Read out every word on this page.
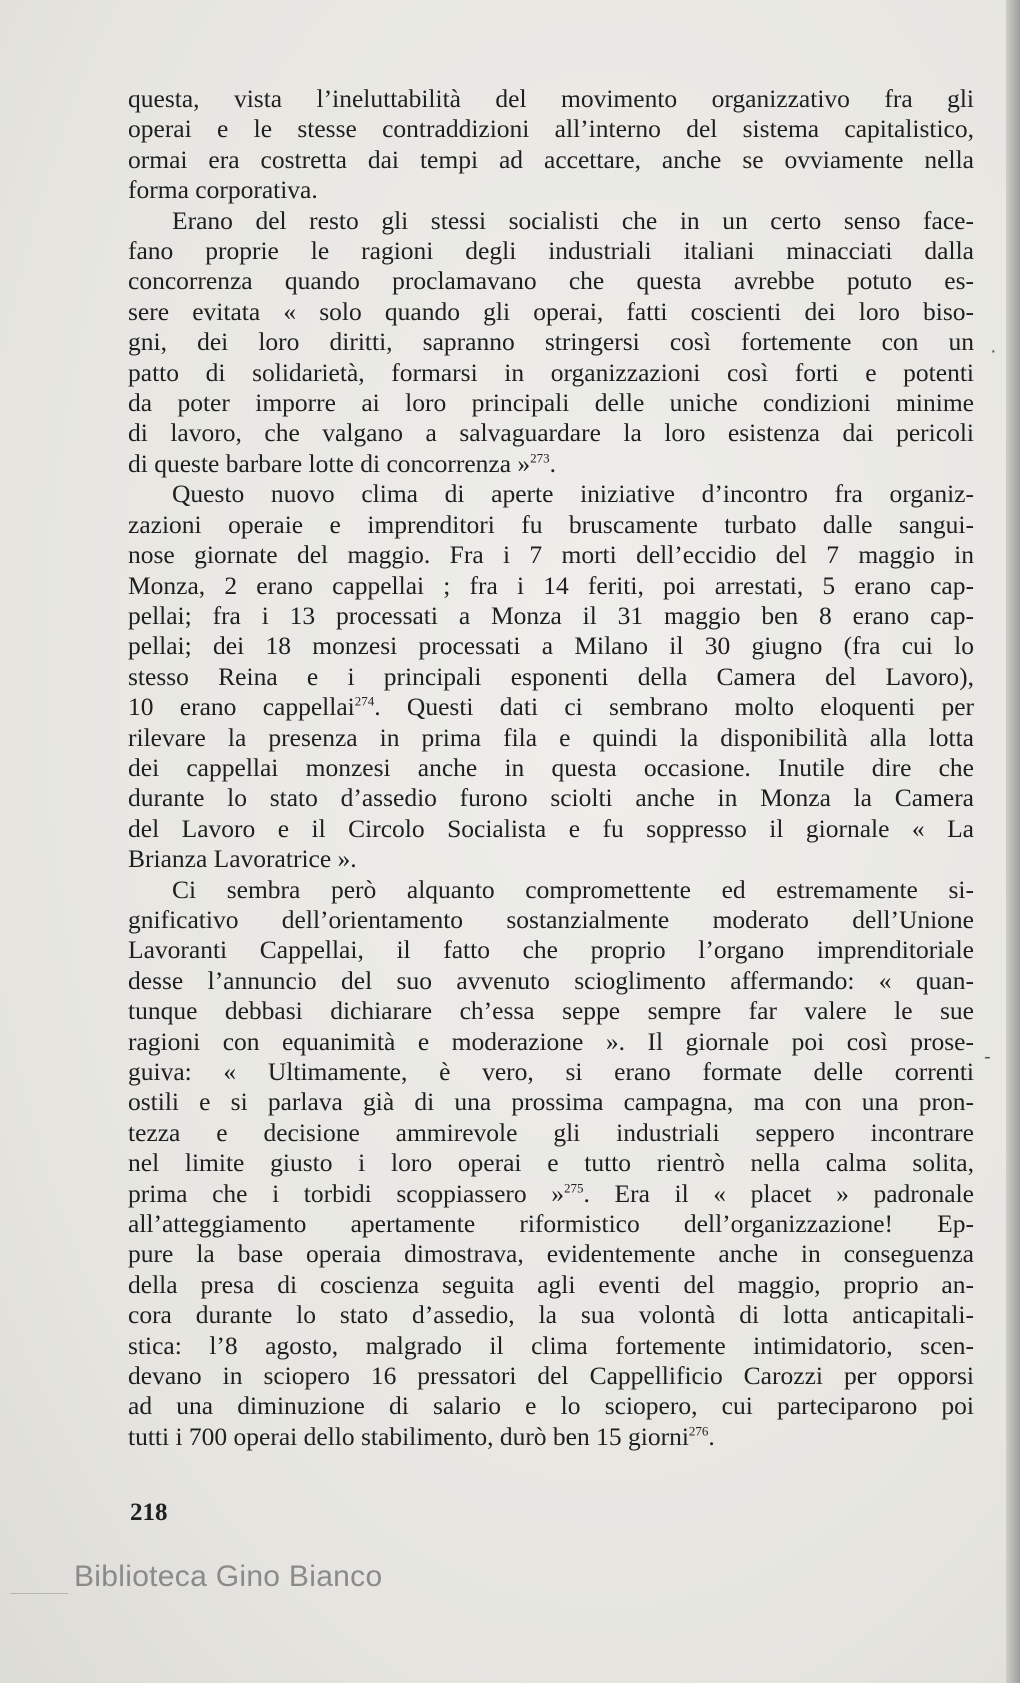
questa, vista l’ineluttabilità del movimento organizzativo fra gli

operai e le stesse contraddizioni all’interno del sistema capitalistico,

ormai era costretta dai tempi ad accettare, anche se ovviamente nella

forma corporativa.

Erano del resto gli stessi socialisti che in un certo senso face-

fano proprie le ragioni degli industriali italiani minacciati dalla

concorrenza quando proclamavano che questa avrebbe potuto es-

sere evitata « solo quando gli operai, fatti coscienti dei loro biso-

gni, dei loro diritti, sapranno stringersi così fortemente con un

patto di solidarietà, formarsi in organizzazioni così forti e potenti

da poter imporre ai loro principali delle uniche condizioni minime

di lavoro, che valgano a salvaguardare la loro esistenza dai pericoli

di queste barbare lotte di concorrenza »$^{273}$.

Questo nuovo clima di aperte iniziative d’incontro fra organiz-

zazioni operaie e imprenditori fu bruscamente turbato dalle sangui-

nose giornate del maggio. Fra i 7 morti dell’eccidio del 7 maggio in

Monza, 2 erano cappellai ; fra i 14 feriti, poi arrestati, 5 erano cap-

pellai; fra i 13 processati a Monza il 31 maggio ben 8 erano cap-

pellai; dei 18 monzesi processati a Milano il 30 giugno (fra cui lo

stesso Reina e i principali esponenti della Camera del Lavoro),

10 erano cappellai$^{274}$. Questi dati ci sembrano molto eloquenti per

rilevare la presenza in prima fila e quindi la disponibilità alla lotta

dei cappellai monzesi anche in questa occasione. Inutile dire che

durante lo stato d’assedio furono sciolti anche in Monza la Camera

del Lavoro e il Circolo Socialista e fu soppresso il giornale « La

Brianza Lavoratrice ».

Ci sembra però alquanto compromettente ed estremamente si-

gnificativo dell’orientamento sostanzialmente moderato dell’Unione

Lavoranti Cappellai, il fatto che proprio l’organo imprenditoriale

desse l’annuncio del suo avvenuto scioglimento affermando: « quan-

tunque debbasi dichiarare ch’essa seppe sempre far valere le sue

ragioni con equanimità e moderazione ». Il giornale poi così prose-

guiva: « Ultimamente, è vero, si erano formate delle correnti

ostili e si parlava già di una prossima campagna, ma con una pron-

tezza e decisione ammirevole gli industriali seppero incontrare

nel limite giusto i loro operai e tutto rientrò nella calma solita,

prima che i torbidi scoppiassero »$^{275}$. Era il « placet » padronale

all’atteggiamento apertamente riformistico dell’organizzazione! Ep-

pure la base operaia dimostrava, evidentemente anche in conseguenza

della presa di coscienza seguita agli eventi del maggio, proprio an-

cora durante lo stato d’assedio, la sua volontà di lotta anticapitali-

stica: l’8 agosto, malgrado il clima fortemente intimidatorio, scen-

devano in sciopero 16 pressatori del Cappellificio Carozzi per opporsi

ad una diminuzione di salario e lo sciopero, cui parteciparono poi

tutti i 700 operai dello stabilimento, durò ben 15 giorni$^{276}$.

218
Biblioteca Gino Bianco
·
-
